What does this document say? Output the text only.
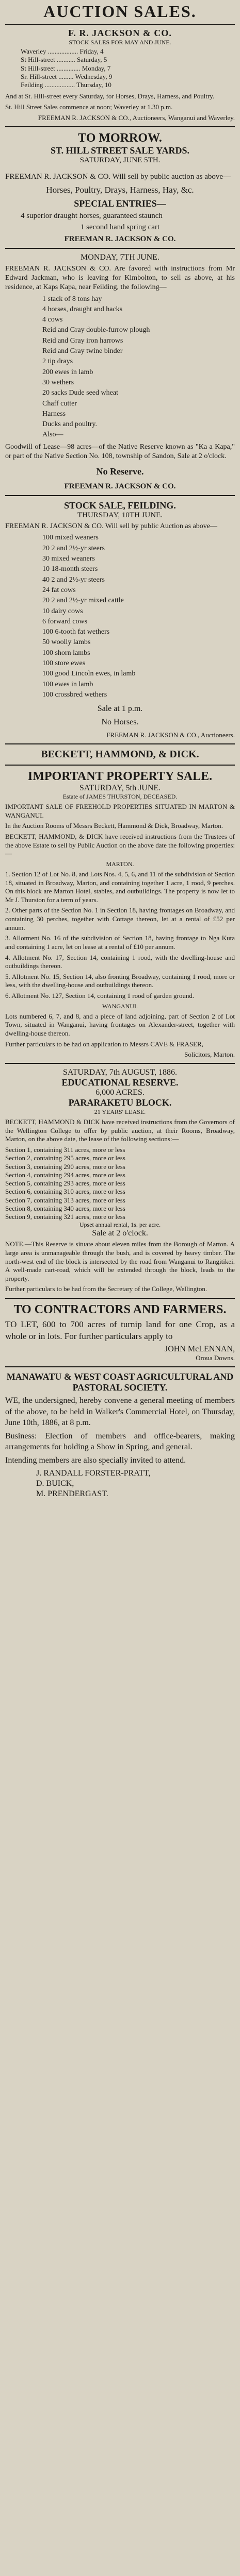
AUCTION SALES.
F. R. JACKSON & CO.
STOCK SALES FOR MAY AND JUNE.
Waverley .................. Friday, 4
St Hill-street ........... Saturday, 5
St Hill-street .............. Monday, 7
Sr. Hill-street ......... Wednesday, 9
Feilding .................. Thursday, 10
And at St. Hill-street every Saturday, for Horses, Drays, Harness, and Poultry.
St. Hill Street Sales commence at noon; Waverley at 1.30 p.m.
FREEMAN R. JACKSON & CO., Auctioneers, Wanganui and Waverley.
TO MORROW.
ST. HILL STREET SALE YARDS.
SATURDAY, JUNE 5TH.
FREEMAN R. JACKSON & CO. Will sell by public auction as above—
Horses, Poultry, Drays, Harness, Hay, &c.
SPECIAL ENTRIES—
4 superior draught horses, guaranteed staunch
1 second hand spring cart
FREEMAN R. JACKSON & CO.
MONDAY, 7TH JUNE.
FREEMAN R. JACKSON & CO. Are favored with instructions from Mr Edward Jackman, who is leaving for Kimbolton, to sell as above, at his residence, at Kaps Kapa, near Feilding, the following—
1 stack of 8 tons hay
4 horses, draught and hacks
4 cows
Reid and Gray double-furrow plough
Reid and Gray iron harrows
Reid and Gray twine binder
2 tip drays
200 ewes in lamb
30 wethers
20 sacks Dude seed wheat
Chaff cutter
Harness
Ducks and poultry.
Also—
Goodwill of Lease—98 acres—of the Native Reserve known as "Ka a Kapa," or part of the Native Section No. 108, township of Sandon, Sale at 2 o'clock.
No Reserve.
FREEMAN R. JACKSON & CO.
STOCK SALE, FEILDING.
THURSDAY, 10TH JUNE.
FREEMAN R. JACKSON & CO. Will sell by public Auction as above—
100 mixed weaners
20 2 and 2½-yr steers
30 mixed weaners
10 18-month steers
40 2 and 2½-yr steers
24 fat cows
20 2 and 2½-yr mixed cattle
10 dairy cows
6 forward cows
100 6-tooth fat wethers
50 woolly lambs
100 shorn lambs
100 store ewes
100 good Lincoln ewes, in lamb
100 ewes in lamb
100 crossbred wethers
Sale at 1 p.m.
No Horses.
FREEMAN R. JACKSON & CO., Auctioneers.
BECKETT, HAMMOND, & DICK.
IMPORTANT PROPERTY SALE.
SATURDAY, 5th JUNE.
Estate of JAMES THURSTON, DECEASED.
IMPORTANT SALE OF FREEHOLD PROPERTIES SITUATED IN MARTON & WANGANUI.
In the Auction Rooms of Messrs Beckett, Hammond & Dick, Broadway, Marton.
BECKETT, HAMMOND, & DICK have received instructions from the Trustees of the above Estate to sell by Public Auction on the above date the following properties:—
MARTON.
1. Section 12 of Lot No. 8, and Lots Nos. 4, 5, 6, and 11 of the subdivision of Section 18, situated in Broadway, Marton, and containing together 1 acre, 1 rood, 9 perches. On this block are Marton Hotel, stables, and outbuildings. The property is now let to Mr J. Thurston for a term of years.
2. Other parts of the Section No. 1 in Section 18, having frontages on Broadway, and containing 30 perches, together with Cottage thereon, let at a rental of £52 per annum.
3. Allotment No. 16 of the subdivision of Section 18, having frontage to Nga Kuta and containing 1 acre, let on lease at a rental of £10 per annum.
4. Allotment No. 17, Section 14, containing 1 rood, with the dwelling-house and outbuildings thereon.
5. Allotment No. 15, Section 14, also fronting Broadway, containing 1 rood, more or less, with the dwelling-house and outbuildings thereon.
6. Allotment No. 127, Section 14, containing 1 rood of garden ground.
WANGANUI.
Lots numbered 6, 7, and 8, and a piece of land adjoining, part of Section 2 of Lot Town, situated in Wanganui, having frontages on Alexander-street, together with dwelling-house thereon.
Further particulars to be had on application to Messrs CAVE & FRASER,
Solicitors, Marton.
SATURDAY, 7th AUGUST, 1886.
EDUCATIONAL RESERVE.
6,000 ACRES.
PARARAKETU BLOCK.
21 YEARS' LEASE.
BECKETT, HAMMOND & DICK have received instructions from the Governors of the Wellington College to offer by public auction, at their Rooms, Broadway, Marton, on the above date, the lease of the following sections:—
Section 1, containing 311 acres, more or less
Section 2, containing 295 acres, more or less
Section 3, containing 290 acres, more or less
Section 4, containing 294 acres, more or less
Section 5, containing 293 acres, more or less
Section 6, containing 310 acres, more or less
Section 7, containing 313 acres, more or less
Section 8, containing 340 acres, more or less
Section 9, containing 321 acres, more or less
Upset annual rental, 1s. per acre.
Sale at 2 o'clock.
NOTE.—This Reserve is situate about eleven miles from the Borough of Marton. A large area is unmanageable through the bush, and is covered by heavy timber. The north-west end of the block is intersected by the road from Wanganui to Rangitikei. A well-made cart-road, which will be extended through the block, leads to the property.
Further particulars to be had from the Secretary of the College, Wellington.
TO CONTRACTORS AND FARMERS.
TO LET, 600 to 700 acres of turnip land for one Crop, as a whole or in lots. For further particulars apply to
JOHN McLENNAN,
Oroua Downs.
MANAWATU & WEST COAST AGRICULTURAL AND PASTORAL SOCIETY.
WE, the undersigned, hereby convene a general meeting of members of the above, to be held in Walker's Commercial Hotel, on Thursday, June 10th, 1886, at 8 p.m.
Business: Election of members and office-bearers, making arrangements for holding a Show in Spring, and general.
Intending members are also specially invited to attend.
J. RANDALL FORSTER-PRATT,
D. BUICK,
M. PRENDERGAST.
